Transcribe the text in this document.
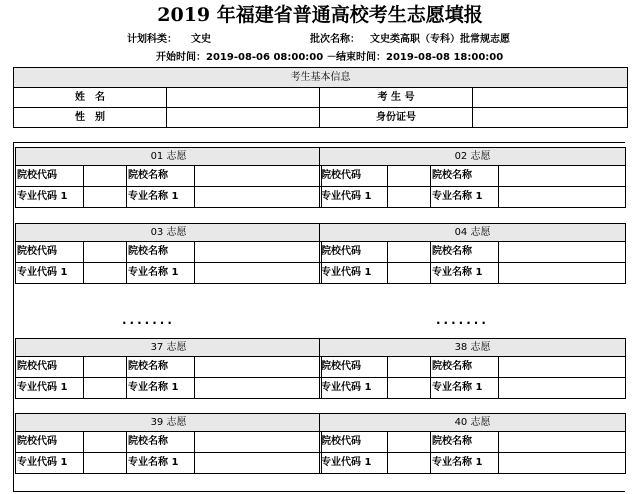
2019 年福建省普通高校考生志愿填报
计划科类： 文史	批次名称： 文史类高职（专科）批常规志愿
开始时间：2019-08-06 08:00:00 －－
结束时间：2019-08-08 18:00:00
考生基本信息			
姓　名		考 生 号	
性　别		身份证号	
01 志愿			
院校代码		院校名称	
专业代码 1		专业名称 1	
02 志愿			
院校代码		院校名称	
专业代码 1		专业名称 1	
03 志愿			
院校代码		院校名称	
专业代码 1		专业名称 1	
04 志愿			
院校代码		院校名称	
专业代码 1		专业名称 1	
·······	·······
37 志愿			
院校代码		院校名称	
专业代码 1		专业名称 1	
38 志愿			
院校代码		院校名称	
专业代码 1		专业名称 1	
39 志愿			
院校代码		院校名称	
专业代码 1		专业名称 1	
40 志愿			
院校代码		院校名称	
专业代码 1		专业名称 1	
